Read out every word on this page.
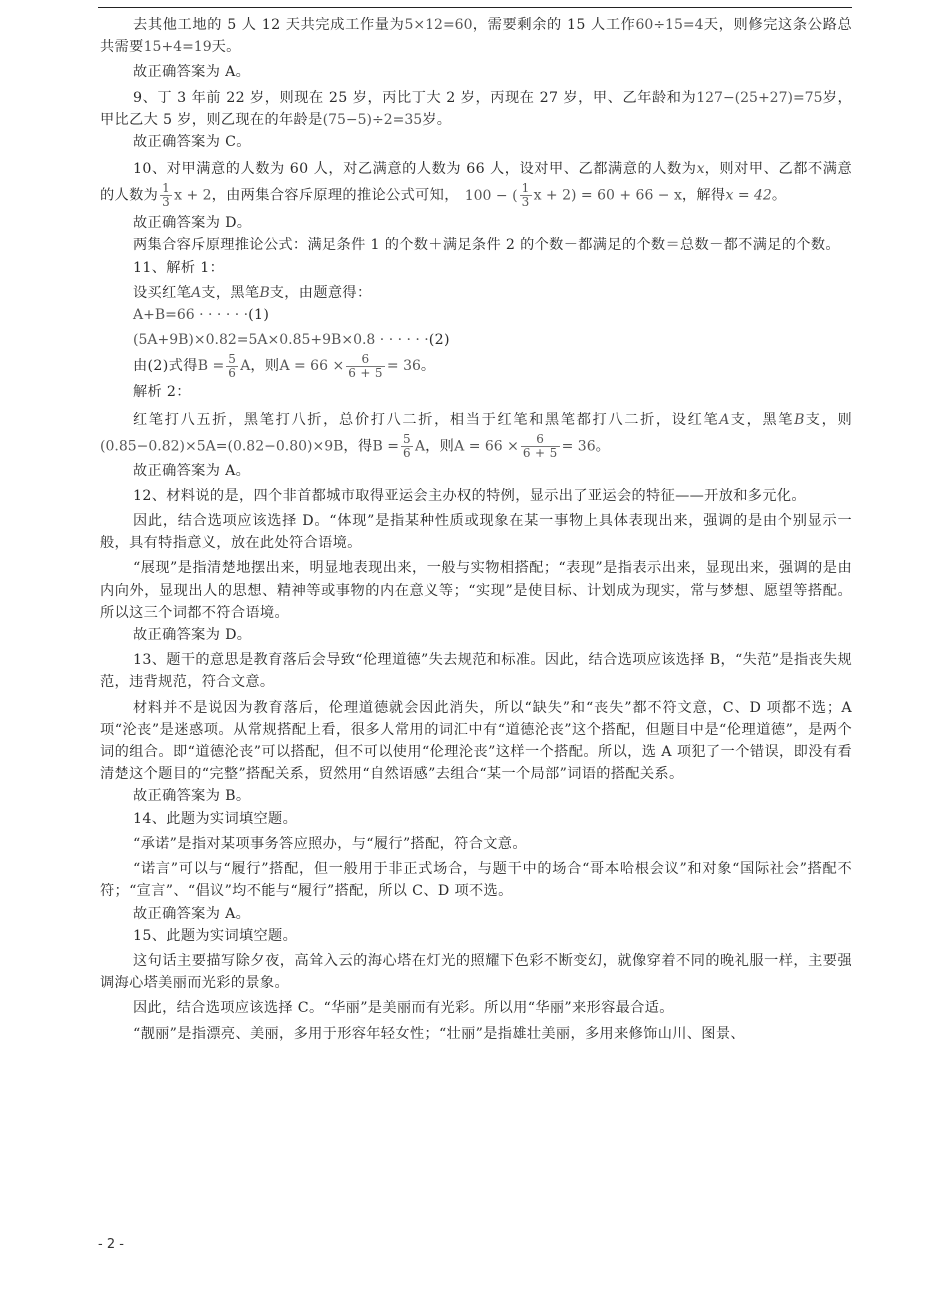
去其他工地的 5 人 12 天共完成工作量为5×12=60，需要剩余的 15 人工作60÷15=4天，则修完这条公路总共需要15+4=19天。

故正确答案为 A。

9、丁 3 年前 22 岁，则现在 25 岁，丙比丁大 2 岁，丙现在 27 岁，甲、乙年龄和为127−(25+27)=75岁，甲比乙大 5 岁，则乙现在的年龄是(75−5)÷2=35岁。

故正确答案为 C。

10、对甲满意的人数为 60 人，对乙满意的人数为 66 人，设对甲、乙都满意的人数为x，则对甲、乙都不满意的人数为 $\frac{1}{3}$ x + 2，由两集合容斥原理的推论公式可知， 100 − ( $\frac{1}{3}$ x + 2) = 60 + 66 − x，解得x = 42。

故正确答案为 D。

两集合容斥原理推论公式：满足条件 1 的个数＋满足条件 2 的个数－都满足的个数＝总数－都不满足的个数。

11、解析 1：

设买红笔A支，黑笔B支，由题意得：

A+B=66 · · · · · ·(1)

(5A+9B)×0.82=5A×0.85+9B×0.8 · · · · · ·(2)

由(2)式得$B = \frac{5}{6}$ A，则$A = 66 \times \frac{6}{6 + 5} = 36$。

解析 2：

红笔打八五折，黑笔打八折，总价打八二折，相当于红笔和黑笔都打八二折，设红笔A支，黑笔B支，则(0.85−0.82)×5A=(0.82−0.80)×9B，得$B = \frac{5}{6}$ A，则$A = 66 \times \frac{6}{6 + 5} = 36$。

故正确答案为 A。

12、材料说的是，四个非首都城市取得亚运会主办权的特例，显示出了亚运会的特征——开放和多元化。

因此，结合选项应该选择 D。“体现”是指某种性质或现象在某一事物上具体表现出来，强调的是由个别显示一般，具有特指意义，放在此处符合语境。

“展现”是指清楚地摆出来，明显地表现出来，一般与实物相搭配；“表现”是指表示出来，显现出来，强调的是由内向外，显现出人的思想、精神等或事物的内在意义等；“实现”是使目标、计划成为现实，常与梦想、愿望等搭配。所以这三个词都不符合语境。

故正确答案为 D。

13、题干的意思是教育落后会导致“伦理道德”失去规范和标准。因此，结合选项应该选择 B，“失范”是指丧失规范，违背规范，符合文意。

材料并不是说因为教育落后，伦理道德就会因此消失，所以“缺失”和“丧失”都不符文意，C、D 项都不选；A 项“沦丧”是迷惑项。从常规搭配上看，很多人常用的词汇中有“道德沦丧”这个搭配，但题目中是“伦理道德”，是两个词的组合。即“道德沦丧”可以搭配，但不可以使用“伦理沦丧”这样一个搭配。所以，选 A 项犯了一个错误，即没有看清楚这个题目的“完整”搭配关系，贸然用“自然语感”去组合“某一个局部”词语的搭配关系。

故正确答案为 B。

14、此题为实词填空题。

“承诺”是指对某项事务答应照办，与“履行”搭配，符合文意。

“诺言”可以与“履行”搭配，但一般用于非正式场合，与题干中的场合“哥本哈根会议”和对象“国际社会”搭配不符；“宣言”、“倡议”均不能与“履行”搭配，所以 C、D 项不选。

故正确答案为 A。

15、此题为实词填空题。

这句话主要描写除夕夜，高耸入云的海心塔在灯光的照耀下色彩不断变幻，就像穿着不同的晚礼服一样，主要强调海心塔美丽而光彩的景象。

因此，结合选项应该选择 C。“华丽”是美丽而有光彩。所以用“华丽”来形容最合适。

“靓丽”是指漂亮、美丽，多用于形容年轻女性；“壮丽”是指雄壮美丽，多用来修饰山川、图景、

- 2 -
